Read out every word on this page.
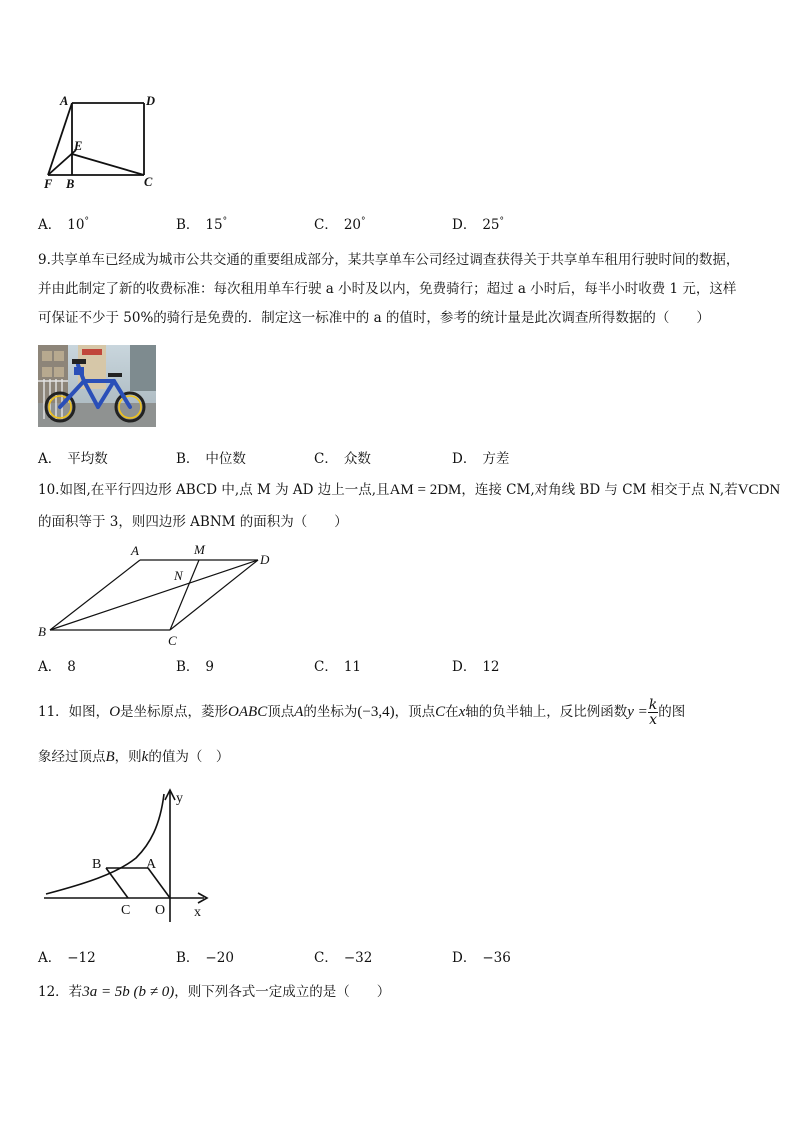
A	D
E
F B	C
A． 10°	B． 15°	C． 20°	D． 25°
9.共享单车已经成为城市公共交通的重要组成部分，某共享单车公司经过调查获得关于共享单车租用行驶时间的数据，
并由此制定了新的收费标准：每次租用单车行驶 a 小时及以内，免费骑行；超过 a 小时后，每半小时收费 1 元，这样
可保证不少于 50%的骑行是免费的．制定这一标准中的 a 的值时，参考的统计量是此次调查所得数据的（　　）
A． 平均数	B． 中位数	C． 众数	D． 方差
10.如图,在平行四边形 ABCD 中,点 M 为 AD 边上一点,且AM = 2DM，连接 CM,对角线 BD 与 CM 相交于点 N,若VCDN
的面积等于 3，则四边形 ABNM 的面积为（　　）
A	M
D
N
B
C
A． 8	B． 9	C． 11	D． 12
11．如图，O是坐标原点，菱形OABC顶点A的坐标为(−3,4)，顶点C在x轴的负半轴上，反比例函数$y = \frac{k}{x}$ 的图
象经过顶点B，则k的值为（　）
y
B	A
C O x
A． −12	B． −20	C． −32	D． −36
12．若3a = 5b (b ≠ 0)，则下列各式一定成立的是（　　）
